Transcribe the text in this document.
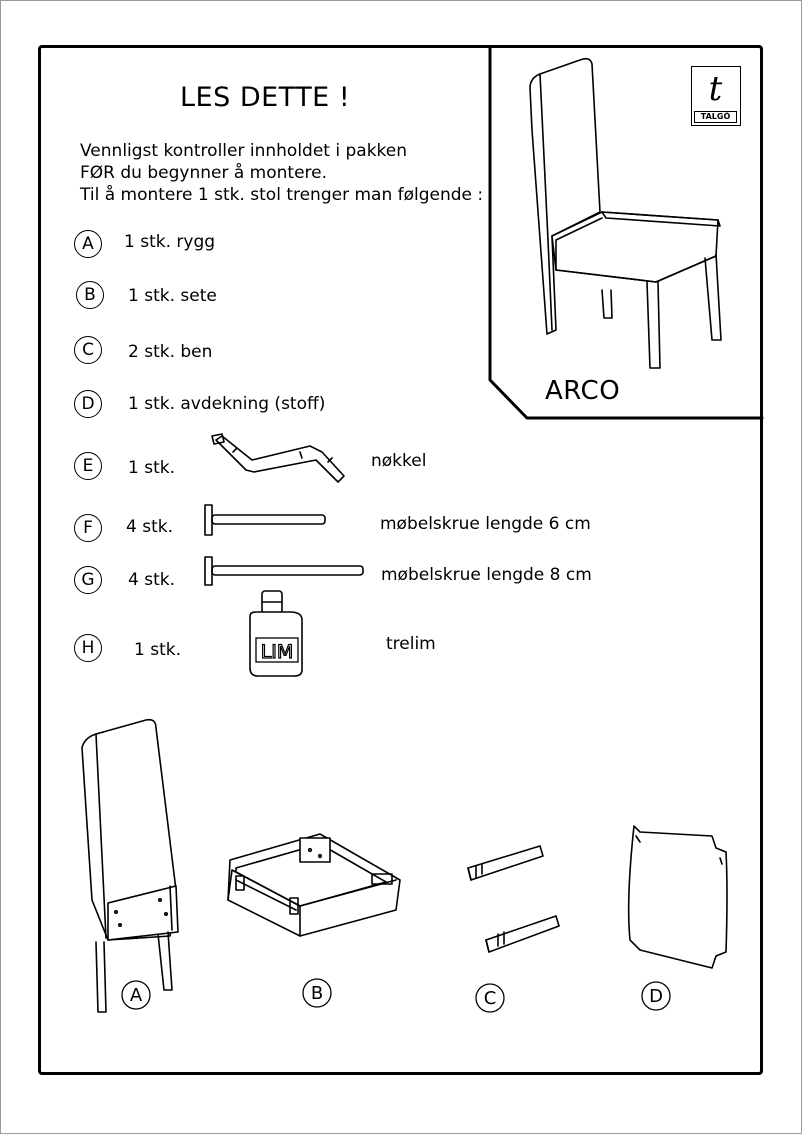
LES DETTE !
Vennligst kontroller innholdet i pakken
FØR du begynner å montere.
Til å montere 1 stk. stol trenger man følgende :
A	1 stk. rygg
B	1 stk. sete
C	2 stk. ben
D	1 stk. avdekning (stoff)
E	1 stk.	nøkkel
F	4 stk.	møbelskrue lengde 6 cm
G	4 stk.	møbelskrue lengde 8 cm
H	1 stk.	trelim
t
TALGÖ
ARCO
A	B	C	D
LIM
